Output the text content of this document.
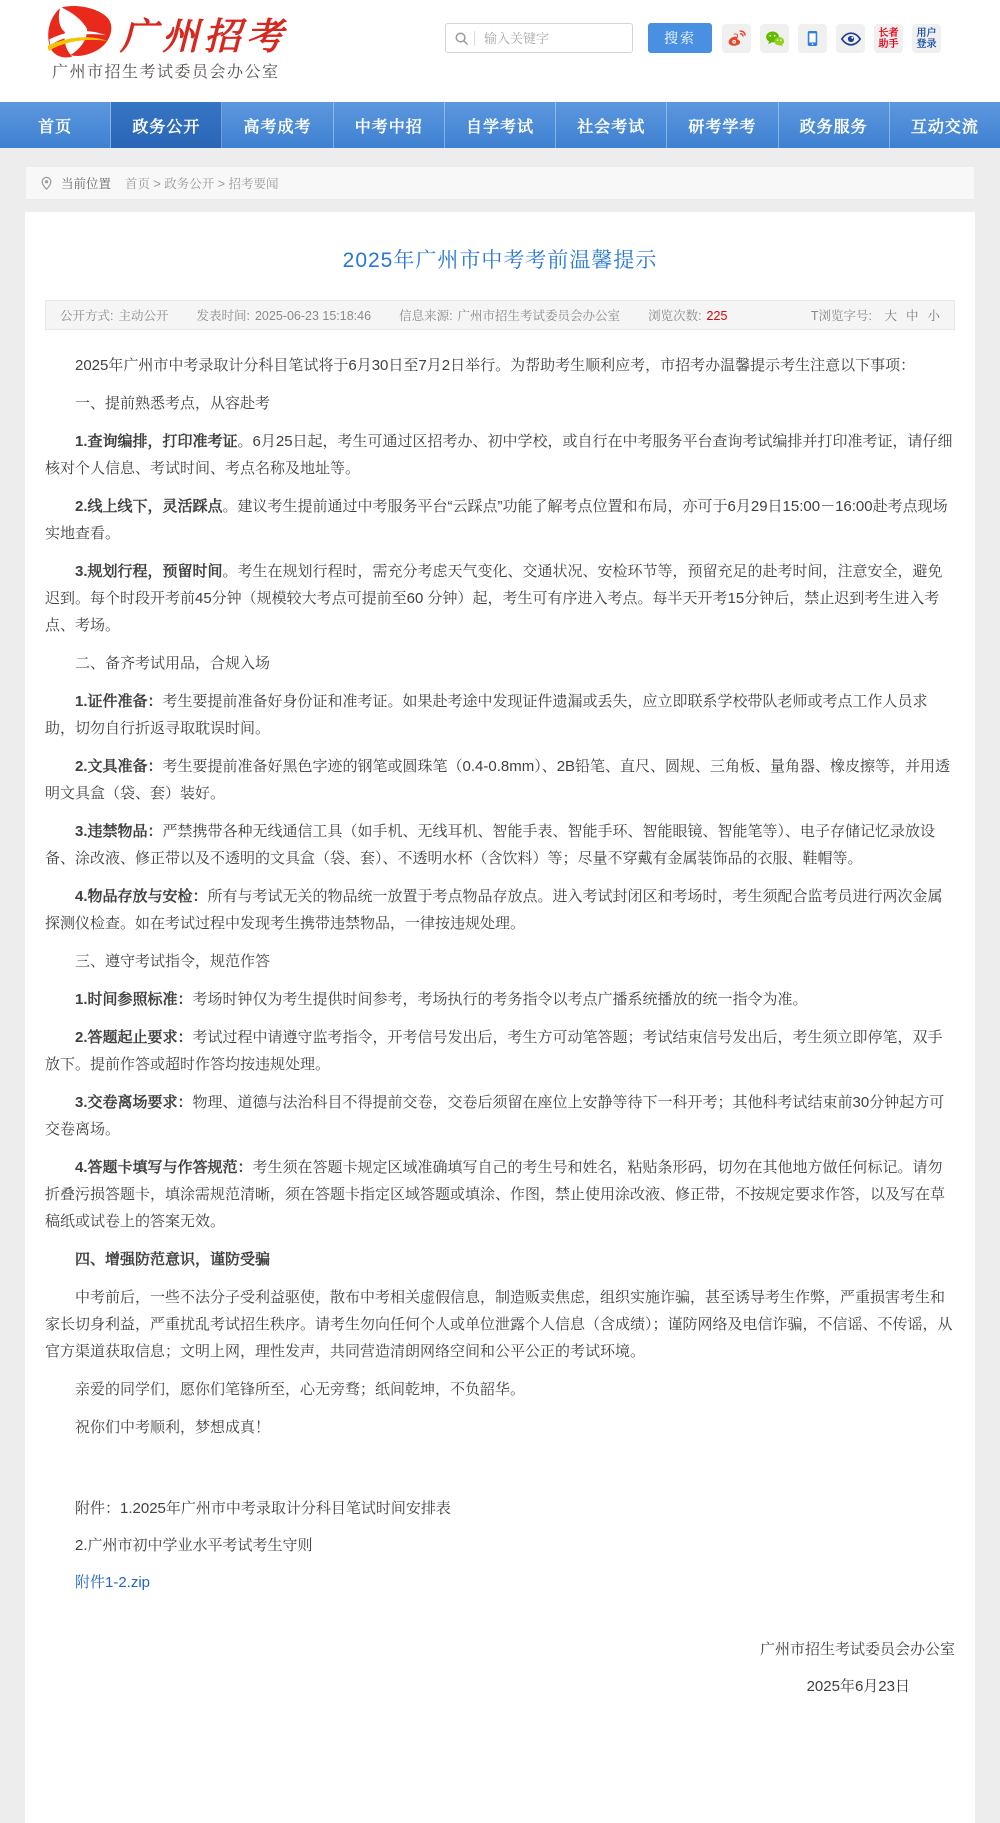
广州招考
广州市招生考试委员会办公室
输入关键字
搜索	长者
助手
用户
登录
首页	政务公开	高考成考	中考中招	自学考试	社会考试	研考学考	政务服务	互动交流
当前位置 首页 > 政务公开 > 招考要闻
2025年广州市中考考前温馨提示
公开方式: 主动公开 发表时间: 2025-06-23 15:18:46 信息来源: 广州市招生考试委员会办公室 浏览次数: 225	T浏览字号: 大 中 小

2025年广州市中考录取计分科目笔试将于6月30日至7月2日举行。为帮助考生顺利应考，市招考办温馨提示考生注意以下事项：

一、提前熟悉考点，从容赴考

1.查询编排，打印准考证。6月25日起，考生可通过区招考办、初中学校，或自行在中考服务平台查询考试编排并打印准考证，请仔细核对个人信息、考试时间、考点名称及地址等。

2.线上线下，灵活踩点。建议考生提前通过中考服务平台“云踩点”功能了解考点位置和布局，亦可于6月29日15:00－16:00赴考点现场实地查看。

3.规划行程，预留时间。考生在规划行程时，需充分考虑天气变化、交通状况、安检环节等，预留充足的赴考时间，注意安全，避免迟到。每个时段开考前45分钟（规模较大考点可提前至60 分钟）起，考生可有序进入考点。每半天开考15分钟后，禁止迟到考生进入考点、考场。

二、备齐考试用品，合规入场

1.证件准备：考生要提前准备好身份证和准考证。如果赴考途中发现证件遗漏或丢失，应立即联系学校带队老师或考点工作人员求助，切勿自行折返寻取耽误时间。

2.文具准备：考生要提前准备好黑色字迹的钢笔或圆珠笔（0.4-0.8mm）、2B铅笔、直尺、圆规、三角板、量角器、橡皮擦等，并用透明文具盒（袋、套）装好。

3.违禁物品：严禁携带各种无线通信工具（如手机、无线耳机、智能手表、智能手环、智能眼镜、智能笔等）、电子存储记忆录放设备、涂改液、修正带以及不透明的文具盒（袋、套）、不透明水杯（含饮料）等；尽量不穿戴有金属装饰品的衣服、鞋帽等。

4.物品存放与安检：所有与考试无关的物品统一放置于考点物品存放点。进入考试封闭区和考场时，考生须配合监考员进行两次金属探测仪检查。如在考试过程中发现考生携带违禁物品，一律按违规处理。

三、遵守考试指令，规范作答

1.时间参照标准：考场时钟仅为考生提供时间参考，考场执行的考务指令以考点广播系统播放的统一指令为准。

2.答题起止要求：考试过程中请遵守监考指令，开考信号发出后，考生方可动笔答题；考试结束信号发出后，考生须立即停笔，双手放下。提前作答或超时作答均按违规处理。

3.交卷离场要求：物理、道德与法治科目不得提前交卷，交卷后须留在座位上安静等待下一科开考；其他科考试结束前30分钟起方可交卷离场。

4.答题卡填写与作答规范：考生须在答题卡规定区域准确填写自己的考生号和姓名，粘贴条形码，切勿在其他地方做任何标记。请勿折叠污损答题卡，填涂需规范清晰，须在答题卡指定区域答题或填涂、作图，禁止使用涂改液、修正带，不按规定要求作答，以及写在草稿纸或试卷上的答案无效。

四、增强防范意识，谨防受骗

中考前后，一些不法分子受利益驱使，散布中考相关虚假信息，制造贩卖焦虑，组织实施诈骗，甚至诱导考生作弊，严重损害考生和家长切身利益，严重扰乱考试招生秩序。请考生勿向任何个人或单位泄露个人信息（含成绩）；谨防网络及电信诈骗，不信谣、不传谣，从官方渠道获取信息；文明上网，理性发声，共同营造清朗网络空间和公平公正的考试环境。

亲爱的同学们，愿你们笔锋所至，心无旁骛；纸间乾坤，不负韶华。

祝你们中考顺利，梦想成真！

附件：1.2025年广州市中考录取计分科目笔试时间安排表

2.广州市初中学业水平考试考生守则

附件1-2.zip

广州市招生考试委员会办公室

2025年6月23日
